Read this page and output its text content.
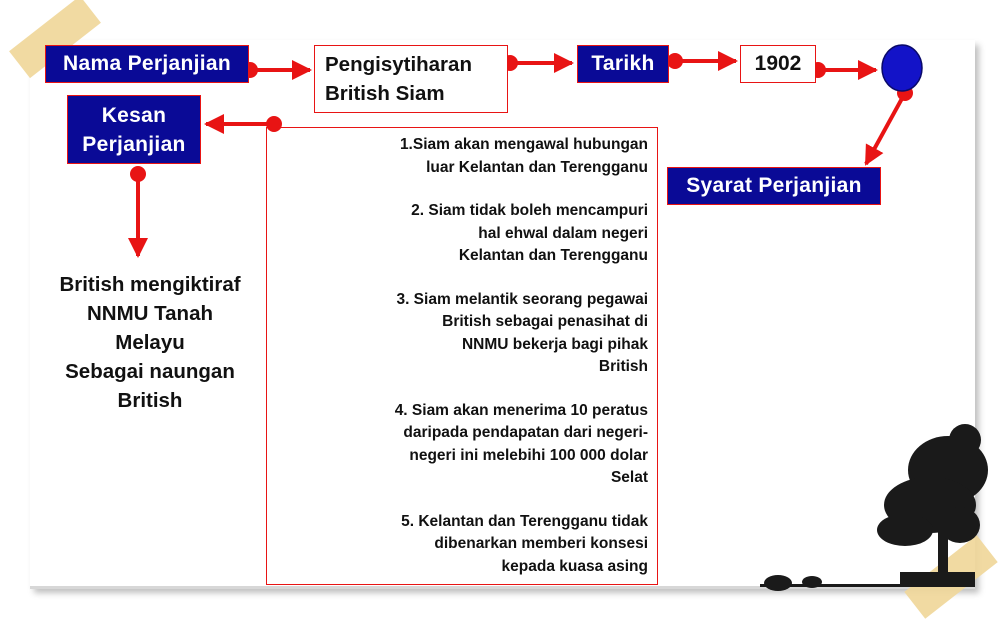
Nama Perjanjian	Pengisytiharan
British Siam
Tarikh	1902
Syarat Perjanjian
Kesan
Perjanjian	1.Siam akan mengawal hubungan
luar Kelantan dan Terengganu
2. Siam tidak boleh mencampuri
hal ehwal dalam negeri
Kelantan dan Terengganu
3. Siam melantik seorang pegawai
British sebagai penasihat di
NNMU bekerja bagi pihak
British
4. Siam akan menerima 10 peratus
daripada pendapatan dari negeri-
negeri ini melebihi 100 000 dolar
Selat
5. Kelantan dan Terengganu tidak
dibenarkan memberi konsesi
kepada kuasa asing
British mengiktiraf
NNMU Tanah
Melayu
Sebagai naungan
British
